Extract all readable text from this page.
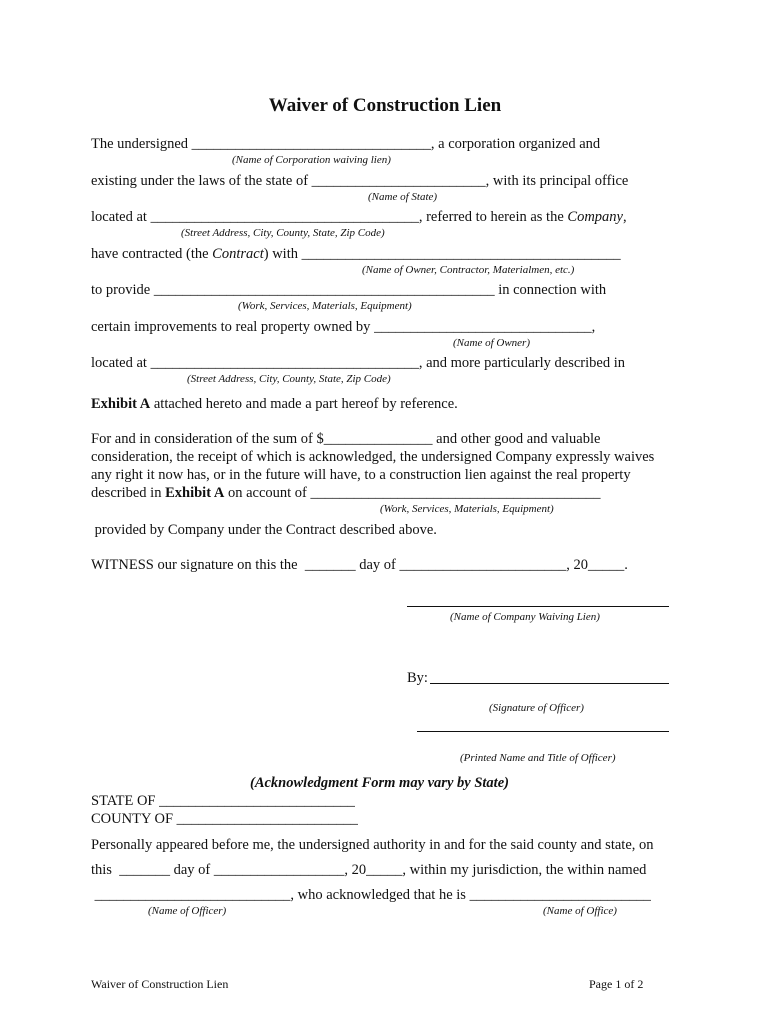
Waiver of Construction Lien
The undersigned _________________________________, a corporation organized and
(Name of Corporation waiving lien)
existing under the laws of the state of ________________________, with its principal office
(Name of State)
located at _____________________________________, referred to herein as the Company,
(Street Address, City, County, State, Zip Code)
have contracted (the Contract) with ____________________________________________
(Name of Owner, Contractor, Materialmen, etc.)
to provide _______________________________________________ in connection with
(Work, Services, Materials, Equipment)
certain improvements to real property owned by ______________________________,
(Name of Owner)
located at _____________________________________, and more particularly described in
(Street Address, City, County, State, Zip Code)
Exhibit A attached hereto and made a part hereof by reference.
For and in consideration of the sum of $_______________ and other good and valuable
consideration, the receipt of which is acknowledged, the undersigned Company expressly waives
any right it now has, or in the future will have, to a construction lien against the real property
described in Exhibit A on account of ________________________________________
(Work, Services, Materials, Equipment)
provided by Company under the Contract described above.
WITNESS our signature on this the  _______ day of _______________________, 20_____.
(Name of Company Waiving Lien)
By:
(Signature of Officer)
(Printed Name and Title of Officer)
(Acknowledgment Form may vary by State)
STATE OF ___________________________
COUNTY OF _________________________
Personally appeared before me, the undersigned authority in and for the said county and state, on
this  _______ day of __________________, 20_____, within my jurisdiction, the within named
___________________________, who acknowledged that he is _________________________
(Name of Officer)	(Name of Office)
Waiver of Construction Lien	Page 1 of 2
